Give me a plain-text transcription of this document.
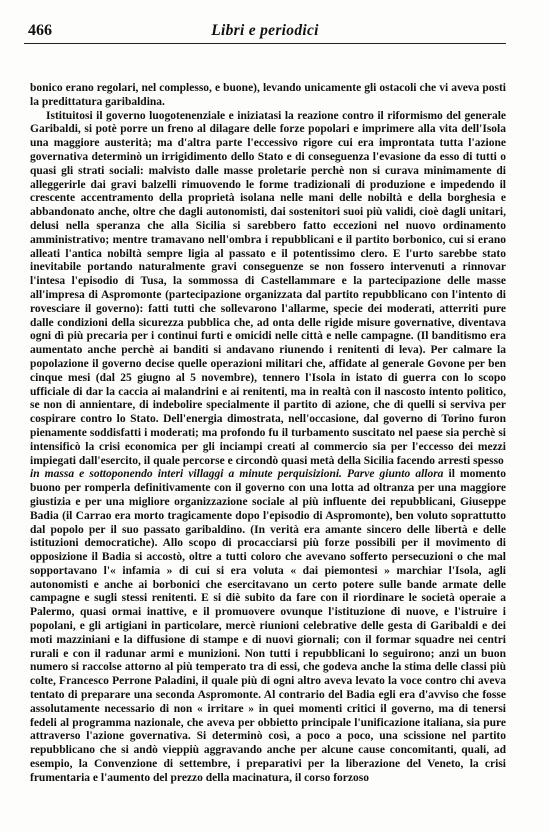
466	Libri e periodici

bonico erano regolari, nel complesso, e buone), levando unicamente gli ostacoli che vi aveva posti la predittatura garibaldina.

Istituitosi il governo luogotenenziale e iniziatasi la reazione contro il riformismo del generale Garibaldi, si potè porre un freno al dilagare delle forze popolari e imprimere alla vita dell'Isola una maggiore austerità; ma d'altra parte l'eccessivo rigore cui era improntata tutta l'azione governativa determinò un irrigidimento dello Stato e di conseguenza l'evasione da esso di tutti o quasi gli strati sociali: malvisto dalle masse proletarie perchè non si curava minimamente di alleggerirle dai gravi balzelli rimuovendo le forme tradizionali di produzione e impedendo il crescente accentramento della proprietà isolana nelle mani delle nobiltà e della borghesia e abbandonato anche, oltre che dagli autonomisti, dai sostenitori suoi più validi, cioè dagli unitari, delusi nella speranza che alla Sicilia si sarebbero fatto eccezioni nel nuovo ordinamento amministrativo; mentre tramavano nell'ombra i repubblicani e il partito borbonico, cui si erano alleati l'antica nobiltà sempre ligia al passato e il potentissimo clero. E l'urto sarebbe stato inevitabile portando naturalmente gravi conseguenze se non fossero intervenuti a rinnovar l'intesa l'episodio di Tusa, la sommossa di Castellammare e la partecipazione delle masse all'impresa di Aspromonte (partecipazione organizzata dal partito repubblicano con l'intento di rovesciare il governo): fatti tutti che sollevarono l'allarme, specie dei moderati, atterriti pure dalle condizioni della sicurezza pubblica che, ad onta delle rigide misure governative, diventava ogni dì più precaria per i continui furti e omicidi nelle città e nelle campagne. (Il banditismo era aumentato anche perchè ai banditi si andavano riunendo i renitenti di leva). Per calmare la popolazione il governo decise quelle operazioni militari che, affidate al generale Govone per ben cinque mesi (dal 25 giugno al 5 novembre), tennero l'Isola in istato di guerra con lo scopo ufficiale di dar la caccia ai malandrini e ai renitenti, ma in realtà con il nascosto intento politico, se non di annientare, di indebolire specialmente il partito di azione, che di quelli si serviva per cospirare contro lo Stato. Dell'energia dimostrata, nell'occasione, dal governo di Torino furon pienamente soddisfatti i moderati; ma profondo fu il turbamento suscitato nel paese sia perchè si intensificò la crisi economica per gli inciampi creati al commercio sia per l'eccesso dei mezzi impiegati dall'esercito, il quale percorse e circondò quasi metà della Sicilia facendo arresti spesso

in massa e sottoponendo interi villaggi a minute perquisizioni. Parve giunto allora il momento buono per romperla definitivamente con il governo con una lotta ad oltranza per una maggiore giustizia e per una migliore organizzazione sociale al più influente dei repubblicani, Giuseppe Badia (il Carrao era morto tragicamente dopo l'episodio di Aspromonte), ben voluto soprattutto dal popolo per il suo passato garibaldino. (In verità era amante sincero delle libertà e delle istituzioni democratiche). Allo scopo di procacciarsi più forze possibili per il movimento di opposizione il Badia si accostò, oltre a tutti coloro che avevano sofferto persecuzioni o che mal sopportavano l'« infamia » di cui si era voluta « dai piemontesi » marchiar l'Isola, agli autonomisti e anche ai borbonici che esercitavano un certo potere sulle bande armate delle campagne e sugli stessi renitenti. E si diè subito da fare con il riordinare le società operaie a Palermo, quasi ormai inattive, e il promuovere ovunque l'istituzione di nuove, e l'istruire i popolani, e gli artigiani in particolare, mercè riunioni celebrative delle gesta di Garibaldi e dei moti mazziniani e la diffusione di stampe e di nuovi giornali; con il formar squadre nei centri rurali e con il radunar armi e munizioni. Non tutti i repubblicani lo seguirono; anzi un buon numero si raccolse attorno al più temperato tra di essi, che godeva anche la stima delle classi più colte, Francesco Perrone Paladini, il quale più di ogni altro aveva levato la voce contro chi aveva tentato di preparare una seconda Aspromonte. Al contrario del Badia egli era d'avviso che fosse assolutamente necessario di non « irritare » in quei momenti critici il governo, ma di tenersi fedeli al programma nazionale, che aveva per obbietto principale l'unificazione italiana, sia pure attraverso l'azione governativa. Si determinò così, a poco a poco, una scissione nel partito repubblicano che si andò vieppiù aggravando anche per alcune cause concomitanti, quali, ad esempio, la Convenzione di settembre, i preparativi per la liberazione del Veneto, la crisi frumentaria e l'aumento del prezzo della macinatura, il corso forzoso
